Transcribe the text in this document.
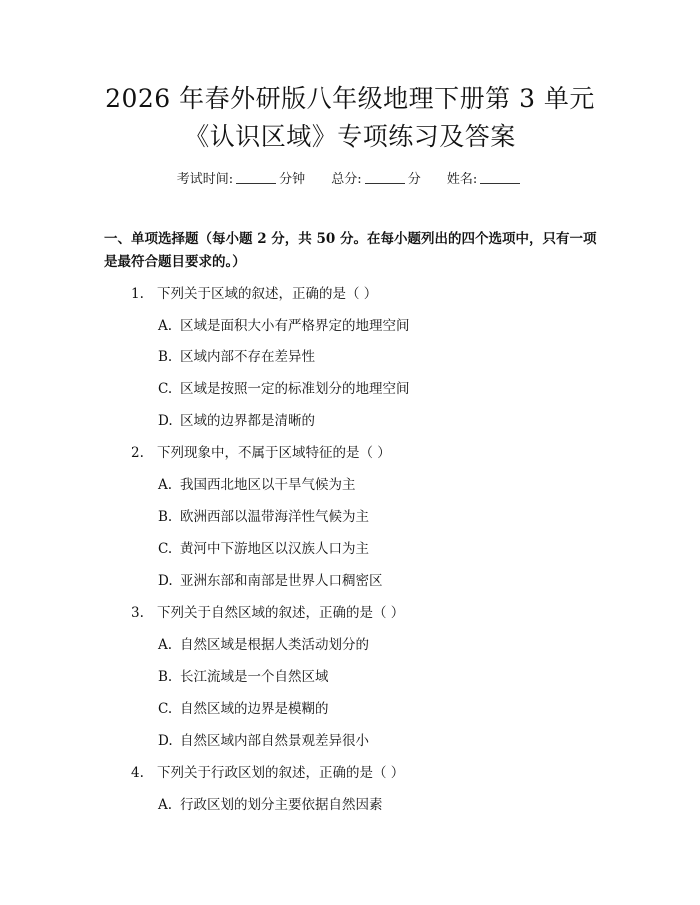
2026 年春外研版八年级地理下册第 3 单元
《认识区域》专项练习及答案
考试时间:	分钟 总分:	分 姓名:
一、单项选择题（每小题 2 分，共 50 分。在每小题列出的四个选项中，只有一项是最符合题目要求的。）
1. 下列关于区域的叙述，正确的是（ ）
A. 区域是面积大小有严格界定的地理空间
B. 区域内部不存在差异性
C. 区域是按照一定的标准划分的地理空间
D. 区域的边界都是清晰的
2. 下列现象中，不属于区域特征的是（ ）
A. 我国西北地区以干旱气候为主
B. 欧洲西部以温带海洋性气候为主
C. 黄河中下游地区以汉族人口为主
D. 亚洲东部和南部是世界人口稠密区
3. 下列关于自然区域的叙述，正确的是（ ）
A. 自然区域是根据人类活动划分的
B. 长江流域是一个自然区域
C. 自然区域的边界是模糊的
D. 自然区域内部自然景观差异很小
4. 下列关于行政区划的叙述，正确的是（ ）
A. 行政区划的划分主要依据自然因素
